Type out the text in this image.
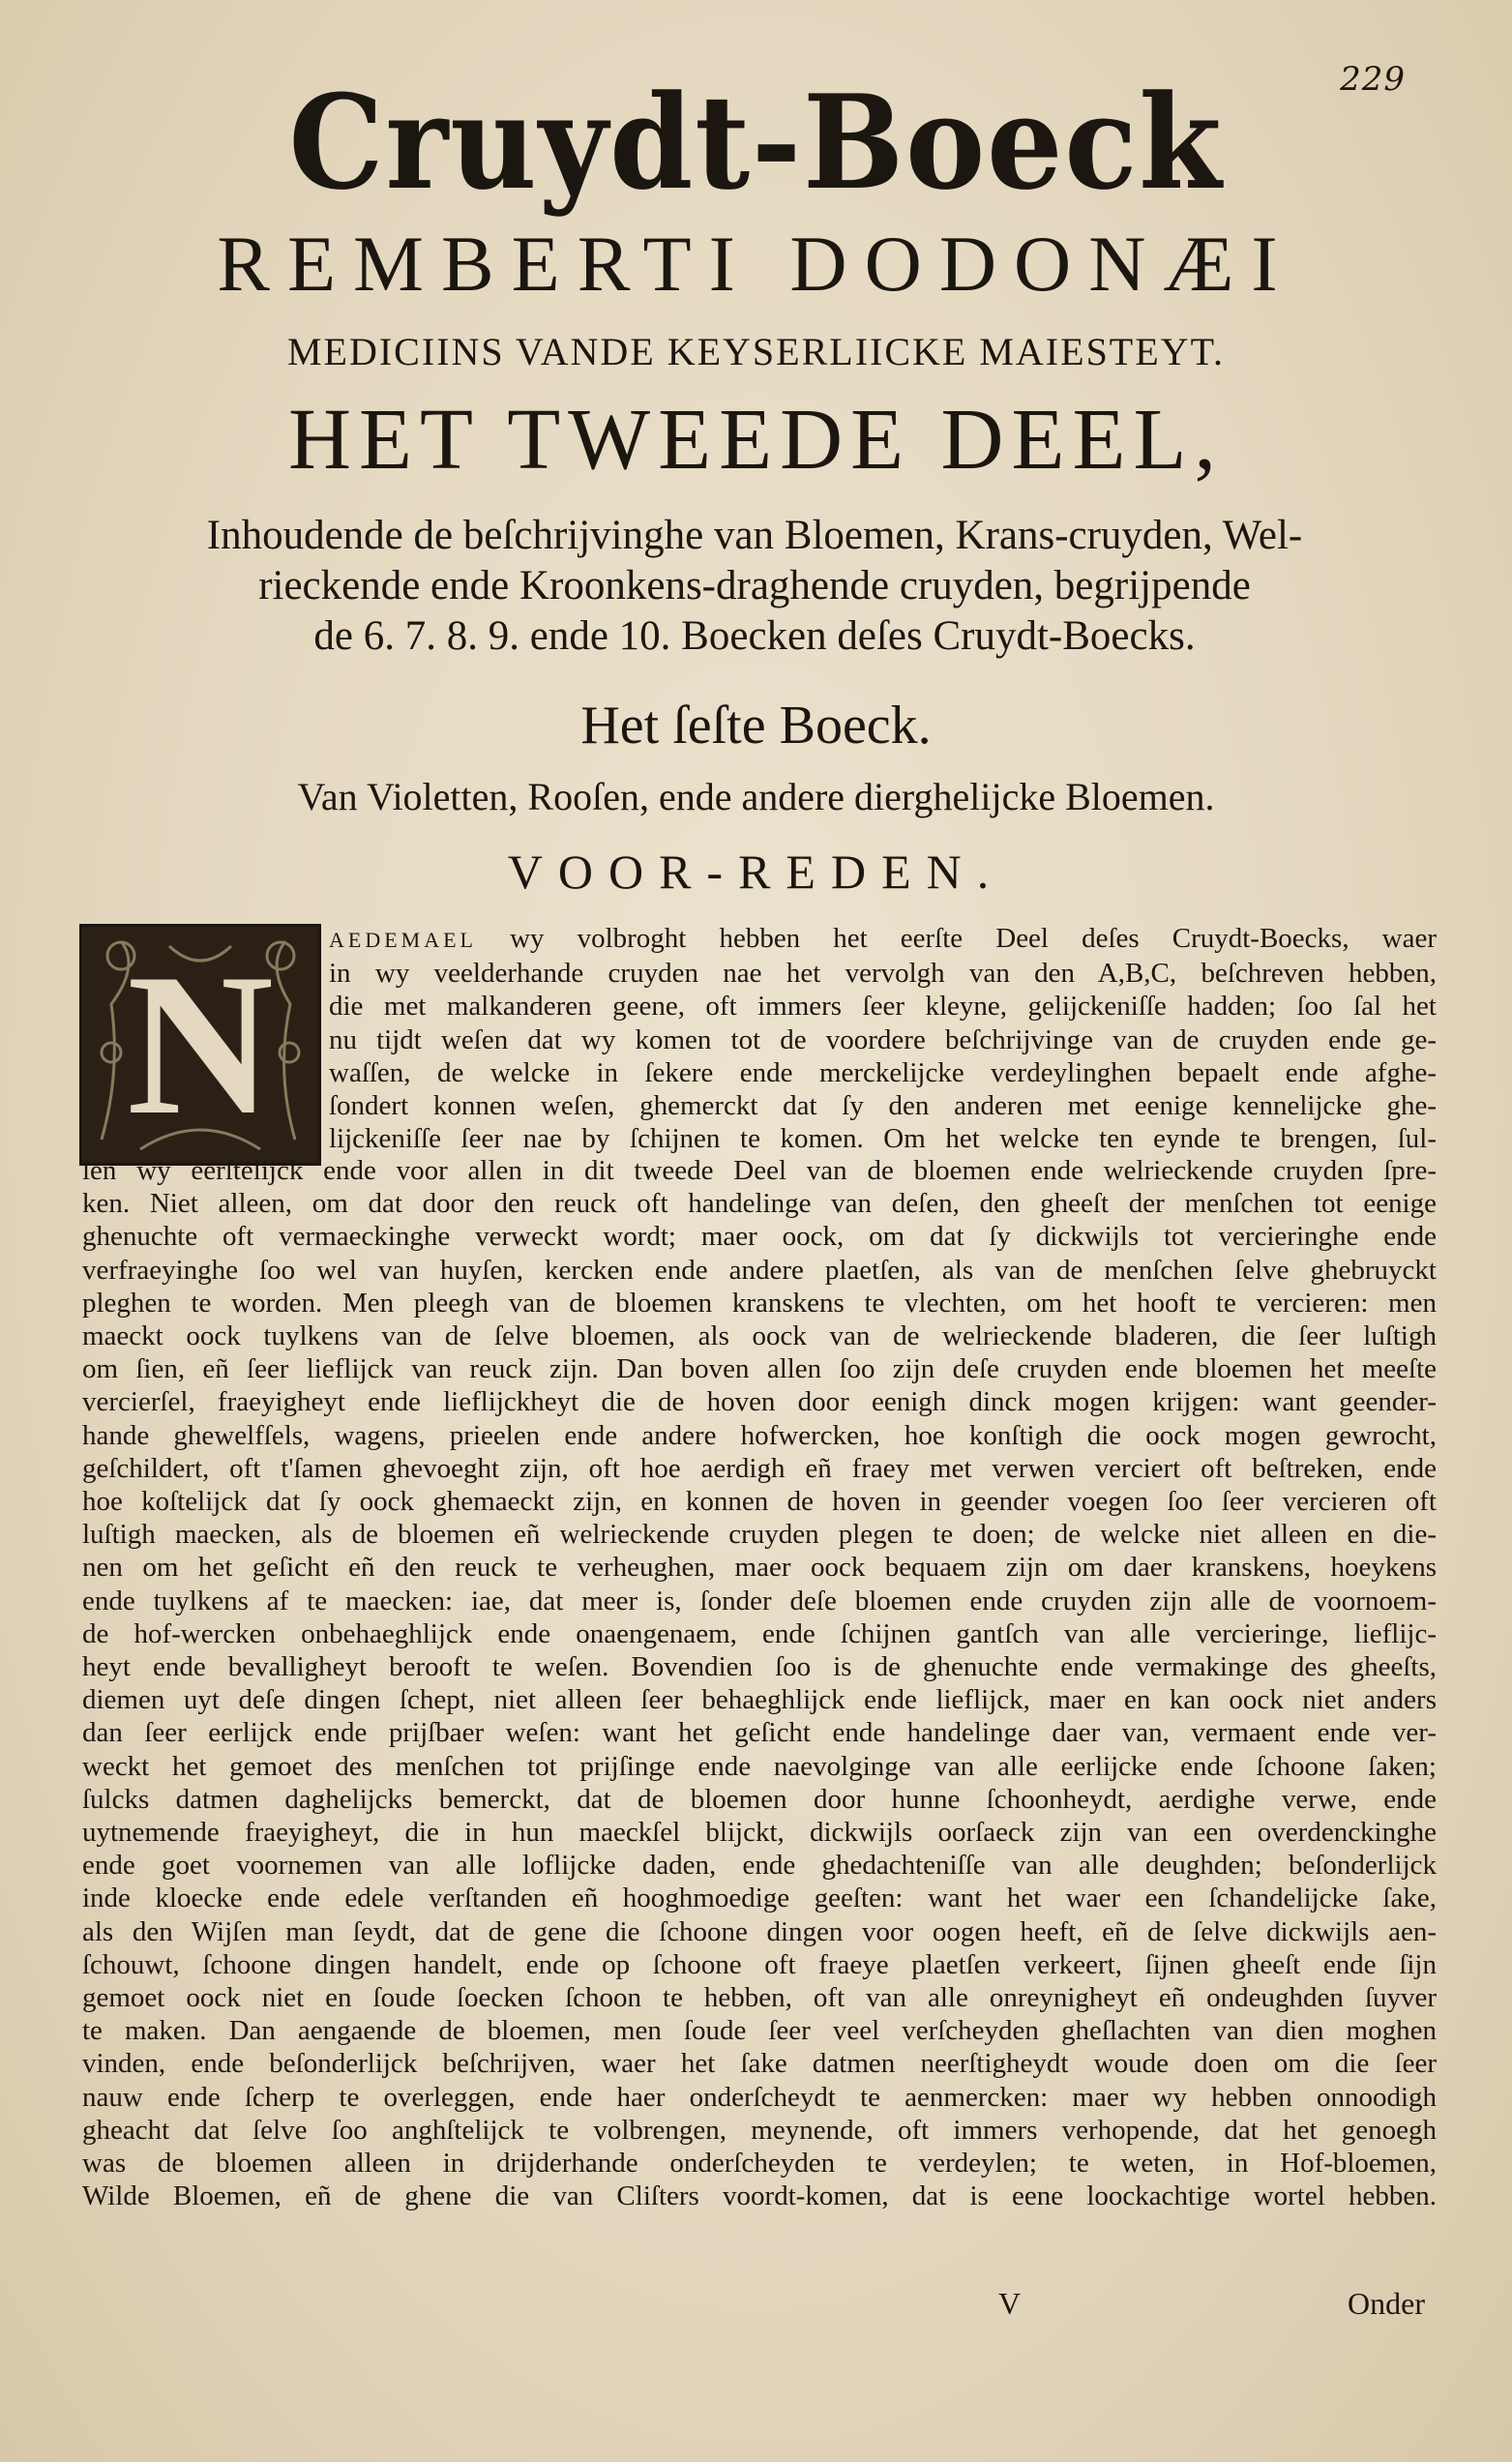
229
Cruydt-Boeck
REMBERTI DODONÆI
MEDICIINS VANDE KEYSERLIICKE MAIESTEYT.
HET TWEEDE DEEL,
Inhoudende de beſchrijvinghe van Bloemen, Krans-cruyden, Wel-
rieckende ende Kroonkens-draghende cruyden, begrijpende
de 6. 7. 8. 9. ende 10. Boecken deſes Cruydt-Boecks.
Het ſeſte Boeck.
Van Violetten, Rooſen, ende andere dierghelijcke Bloemen.
VOOR-REDEN.
N	AEDEMAEL wy volbroght hebben het eerſte Deel deſes Cruydt-Boecks, waer
in wy veelderhande cruyden nae het vervolgh van den A,B,C, beſchreven hebben,
die met malkanderen geene, oft immers ſeer kleyne, gelijckeniſſe hadden; ſoo ſal het
nu tijdt weſen dat wy komen tot de voordere beſchrijvinge van de cruyden ende ge-
waſſen, de welcke in ſekere ende merckelijcke verdeylinghen bepaelt ende afghe-
ſondert konnen weſen, ghemerckt dat ſy den anderen met eenige kennelijcke ghe-
lijckeniſſe ſeer nae by ſchijnen te komen. Om het welcke ten eynde te brengen, ſul-
len wy eerſtelijck ende voor allen in dit tweede Deel van de bloemen ende welrieckende cruyden ſpre-
ken. Niet alleen, om dat door den reuck oft handelinge van deſen, den gheeſt der menſchen tot eenige
ghenuchte oft vermaeckinghe verweckt wordt; maer oock, om dat ſy dickwijls tot vercieringhe ende
verfraeyinghe ſoo wel van huyſen, kercken ende andere plaetſen, als van de menſchen ſelve ghebruyckt
pleghen te worden. Men pleegh van de bloemen kranskens te vlechten, om het hooft te vercieren: men
maeckt oock tuylkens van de ſelve bloemen, als oock van de welrieckende bladeren, die ſeer luſtigh
om ſien, eñ ſeer lieflijck van reuck zijn. Dan boven allen ſoo zijn deſe cruyden ende bloemen het meeſte
vercierſel, fraeyigheyt ende lieflijckheyt die de hoven door eenigh dinck mogen krijgen: want geender-
hande ghewelfſels, wagens, prieelen ende andere hofwercken, hoe konſtigh die oock mogen gewrocht,
geſchildert, oft t'ſamen ghevoeght zijn, oft hoe aerdigh eñ fraey met verwen verciert oft beſtreken, ende
hoe koſtelijck dat ſy oock ghemaeckt zijn, en konnen de hoven in geender voegen ſoo ſeer vercieren oft
luſtigh maecken, als de bloemen eñ welrieckende cruyden plegen te doen; de welcke niet alleen en die-
nen om het geſicht eñ den reuck te verheughen, maer oock bequaem zijn om daer kranskens, hoeykens
ende tuylkens af te maecken: iae, dat meer is, ſonder deſe bloemen ende cruyden zijn alle de voornoem-
de hof-wercken onbehaeghlijck ende onaengenaem, ende ſchijnen gantſch van alle vercieringe, lieflijc-
heyt ende bevalligheyt berooft te weſen. Bovendien ſoo is de ghenuchte ende vermakinge des gheeſts,
diemen uyt deſe dingen ſchept, niet alleen ſeer behaeghlijck ende lieflijck, maer en kan oock niet anders
dan ſeer eerlijck ende prijſbaer weſen: want het geſicht ende handelinge daer van, vermaent ende ver-
weckt het gemoet des menſchen tot prijſinge ende naevolginge van alle eerlijcke ende ſchoone ſaken;
ſulcks datmen daghelijcks bemerckt, dat de bloemen door hunne ſchoonheydt, aerdighe verwe, ende
uytnemende fraeyigheyt, die in hun maeckſel blijckt, dickwijls oorſaeck zijn van een overdenckinghe
ende goet voornemen van alle loflijcke daden, ende ghedachteniſſe van alle deughden; beſonderlijck
inde kloecke ende edele verſtanden eñ hooghmoedige geeſten: want het waer een ſchandelijcke ſake,
als den Wijſen man ſeydt, dat de gene die ſchoone dingen voor oogen heeft, eñ de ſelve dickwijls aen-
ſchouwt, ſchoone dingen handelt, ende op ſchoone oft fraeye plaetſen verkeert, ſijnen gheeſt ende ſijn
gemoet oock niet en ſoude ſoecken ſchoon te hebben, oft van alle onreynigheyt eñ ondeughden ſuyver
te maken. Dan aengaende de bloemen, men ſoude ſeer veel verſcheyden gheſlachten van dien moghen
vinden, ende beſonderlijck beſchrijven, waer het ſake datmen neerſtigheydt woude doen om die ſeer
nauw ende ſcherp te overleggen, ende haer onderſcheydt te aenmercken: maer wy hebben onnoodigh
gheacht dat ſelve ſoo anghſtelijck te volbrengen, meynende, oft immers verhopende, dat het genoegh
was de bloemen alleen in drijderhande onderſcheyden te verdeylen; te weten, in Hof-bloemen,
Wilde Bloemen, eñ de ghene die van Cliſters voordt-komen, dat is eene loockachtige wortel hebben.
V	Onder
